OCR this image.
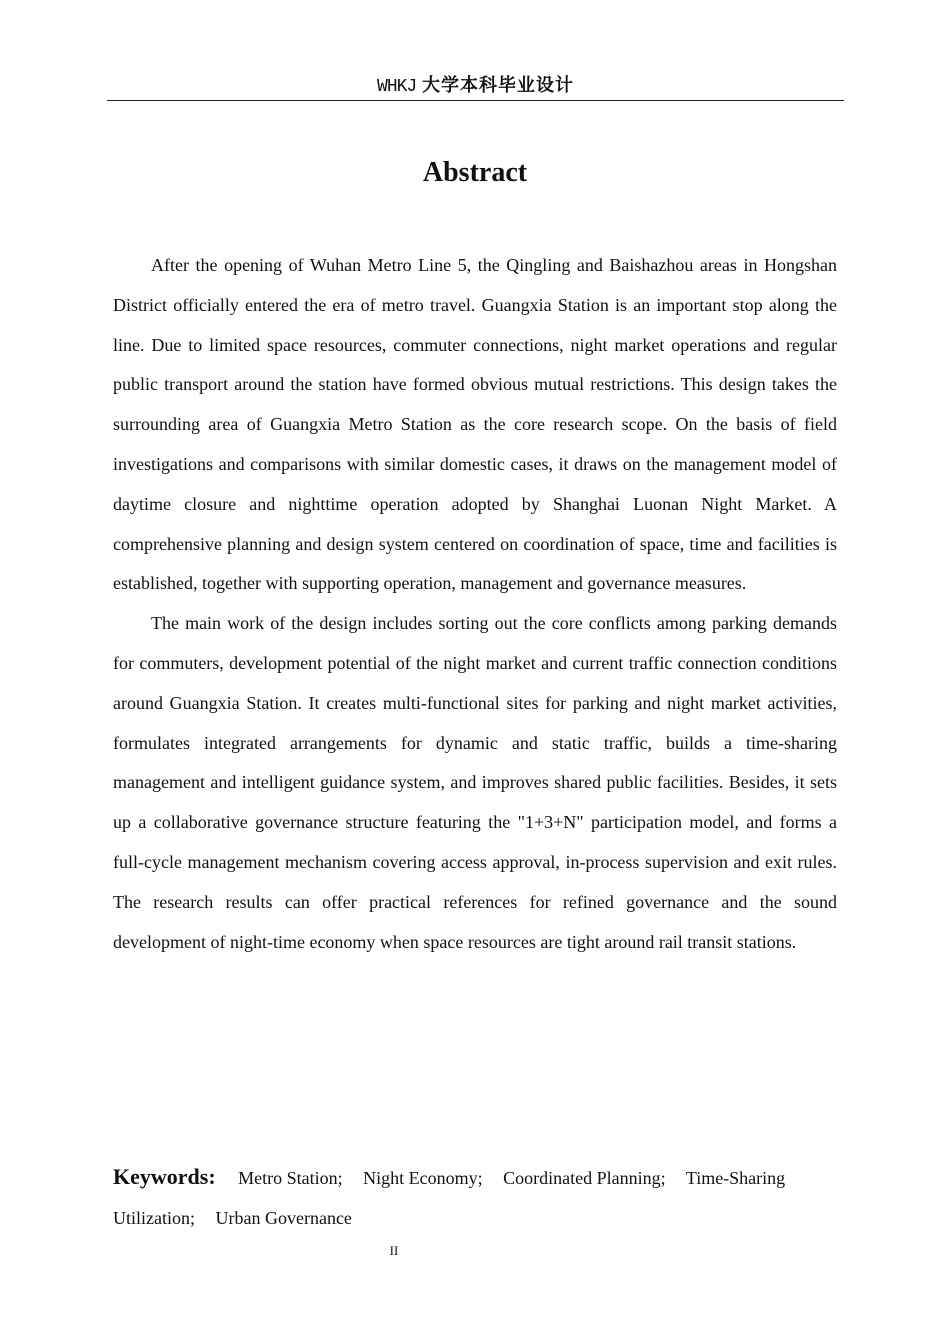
WHKJ 大学本科毕业设计
Abstract

After the opening of Wuhan Metro Line 5, the Qingling and Baishazhou areas in Hongshan District officially entered the era of metro travel. Guangxia Station is an important stop along the line. Due to limited space resources, commuter connections, night market operations and regular public transport around the station have formed obvious mutual restrictions. This design takes the surrounding area of Guangxia Metro Station as the core research scope. On the basis of field investigations and comparisons with similar domestic cases, it draws on the management model of daytime closure and nighttime operation adopted by Shanghai Luonan Night Market. A comprehensive planning and design system centered on coordination of space, time and facilities is established, together with supporting operation, management and governance measures.

The main work of the design includes sorting out the core conflicts among parking demands for commuters, development potential of the night market and current traffic connection conditions around Guangxia Station. It creates multi-functional sites for parking and night market activities, formulates integrated arrangements for dynamic and static traffic, builds a time-sharing management and intelligent guidance system, and improves shared public facilities. Besides, it sets up a collaborative governance structure featuring the "1+3+N" participation model, and forms a full-cycle management mechanism covering access approval, in-process supervision and exit rules. The research results can offer practical references for refined governance and the sound development of night-time economy when space resources are tight around rail transit stations.

Keywords: Metro Station; Night Economy; Coordinated Planning; Time-Sharing Utilization; Urban Governance
II
